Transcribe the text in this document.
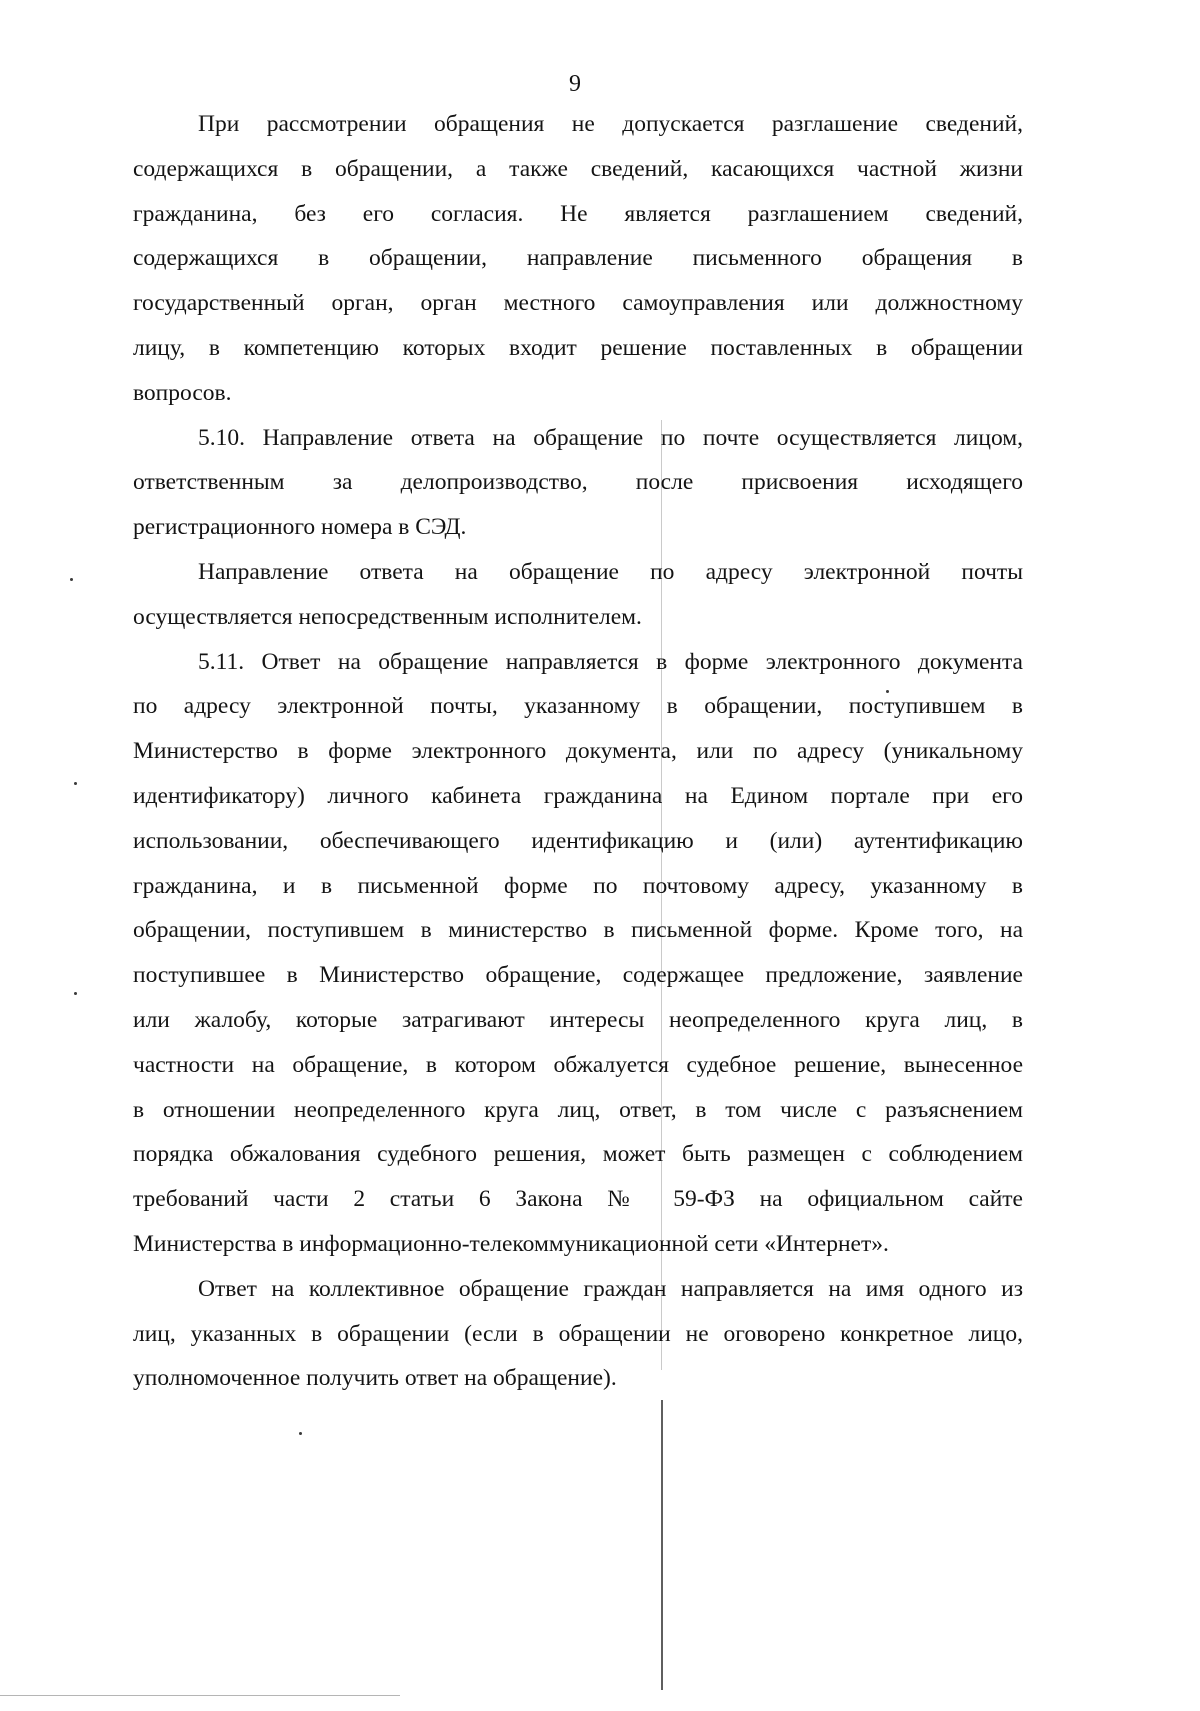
9

При рассмотрении обращения не допускается разглашение сведений,
содержащихся в обращении, а также сведений, касающихся частной жизни
гражданина, без его согласия. Не является разглашением сведений,
содержащихся в обращении, направление письменного обращения в
государственный орган, орган местного самоуправления или должностному
лицу, в компетенцию которых входит решение поставленных в обращении
вопросов.

5.10. Направление ответа на обращение по почте осуществляется лицом,
ответственным за делопроизводство, после присвоения исходящего
регистрационного номера в СЭД.

Направление ответа на обращение по адресу электронной почты
осуществляется непосредственным исполнителем.

5.11. Ответ на обращение направляется в форме электронного документа
по адресу электронной почты, указанному в обращении, поступившем в
Министерство в форме электронного документа, или по адресу (уникальному
идентификатору) личного кабинета гражданина на Едином портале при его
использовании, обеспечивающего идентификацию и (или) аутентификацию
гражданина, и в письменной форме по почтовому адресу, указанному в
обращении, поступившем в министерство в письменной форме. Кроме того, на
поступившее в Министерство обращение, содержащее предложение, заявление
или жалобу, которые затрагивают интересы неопределенного круга лиц, в
частности на обращение, в котором обжалуется судебное решение, вынесенное
в отношении неопределенного круга лиц, ответ, в том числе с разъяснением
порядка обжалования судебного решения, может быть размещен с соблюдением
требований части 2 статьи 6 Закона № 59-ФЗ на официальном сайте
Министерства в информационно-телекоммуникационной сети «Интернет».

Ответ на коллективное обращение граждан направляется на имя одного из
лиц, указанных в обращении (если в обращении не оговорено конкретное лицо,
уполномоченное получить ответ на обращение).
